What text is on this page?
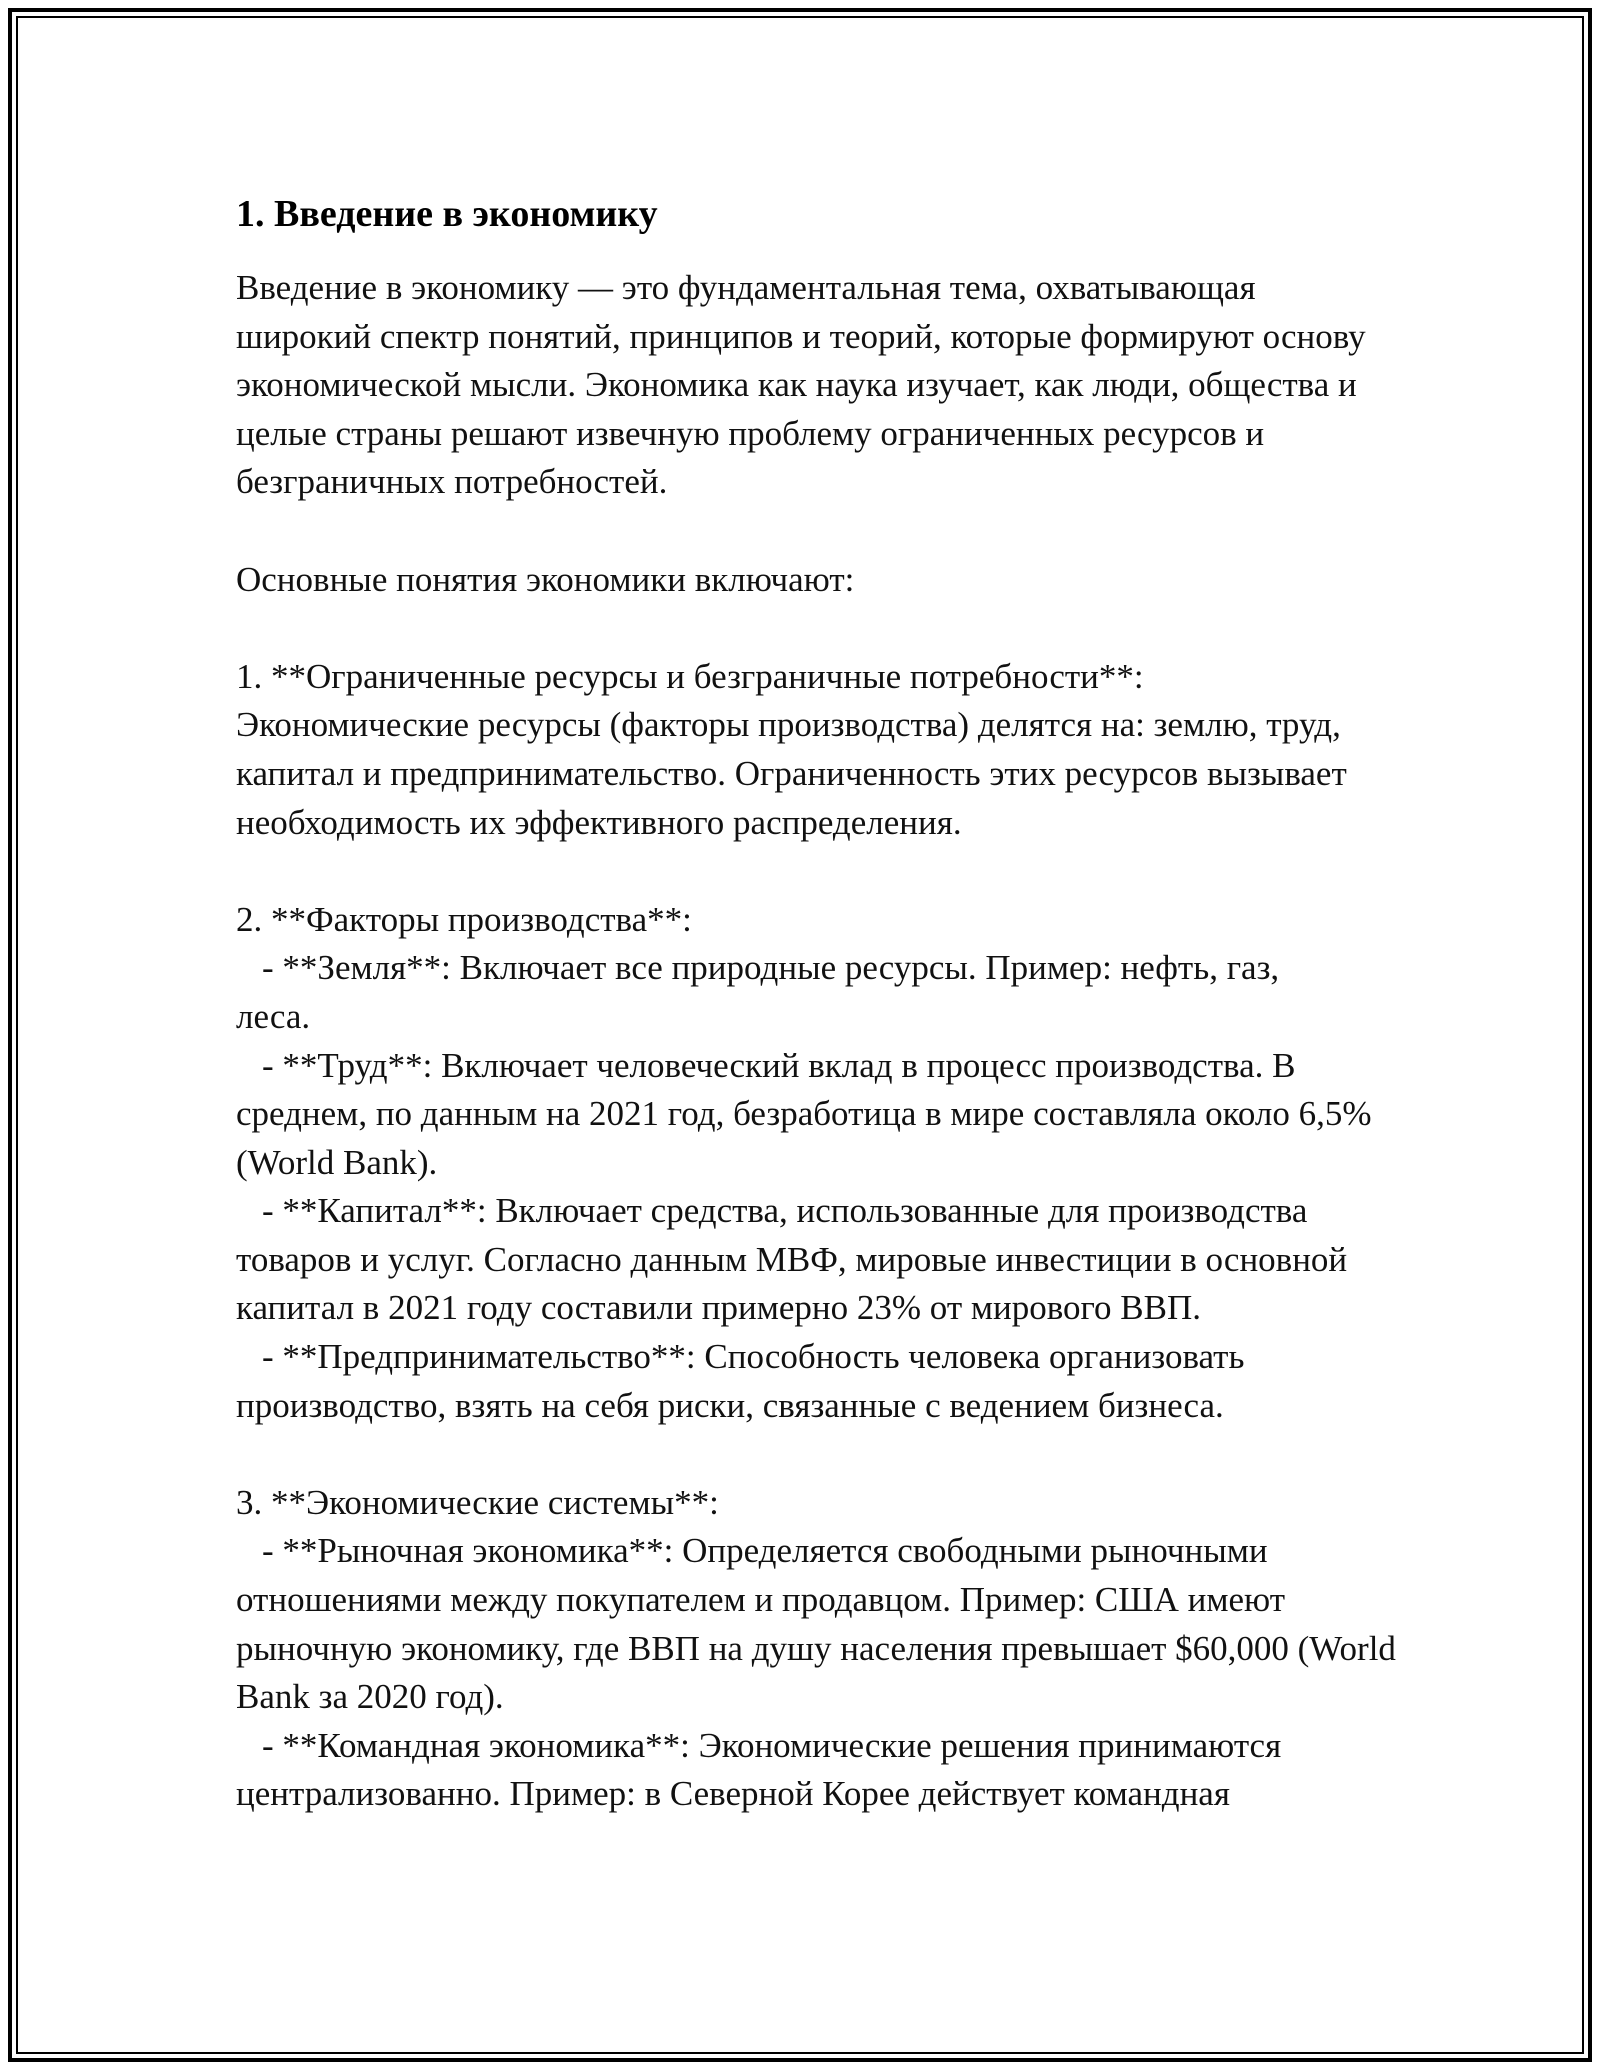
1. Введение в экономику

Введение в экономику — это фундаментальная тема, охватывающая широкий спектр понятий, принципов и теорий, которые формируют основу экономической мысли. Экономика как наука изучает, как люди, общества и целые страны решают извечную проблему ограниченных ресурсов и безграничных потребностей.

Основные понятия экономики включают:

1. **Ограниченные ресурсы и безграничные потребности**:

Экономические ресурсы (факторы производства) делятся на: землю, труд, капитал и предпринимательство. Ограниченность этих ресурсов вызывает необходимость их эффективного распределения.

2. **Факторы производства**:

- **Земля**: Включает все природные ресурсы. Пример: нефть, газ,

леса.

- **Труд**: Включает человеческий вклад в процесс производства. В

среднем, по данным на 2021 год, безработица в мире составляла около 6,5% (World Bank).

- **Капитал**: Включает средства, использованные для производства

товаров и услуг. Согласно данным МВФ, мировые инвестиции в основной капитал в 2021 году составили примерно 23% от мирового ВВП.

- **Предпринимательство**: Способность человека организовать

производство, взять на себя риски, связанные с ведением бизнеса.

3. **Экономические системы**:

- **Рыночная экономика**: Определяется свободными рыночными

отношениями между покупателем и продавцом. Пример: США имеют рыночную экономику, где ВВП на душу населения превышает $60,000 (World Bank за 2020 год).

- **Командная экономика**: Экономические решения принимаются

централизованно. Пример: в Северной Корее действует командная
